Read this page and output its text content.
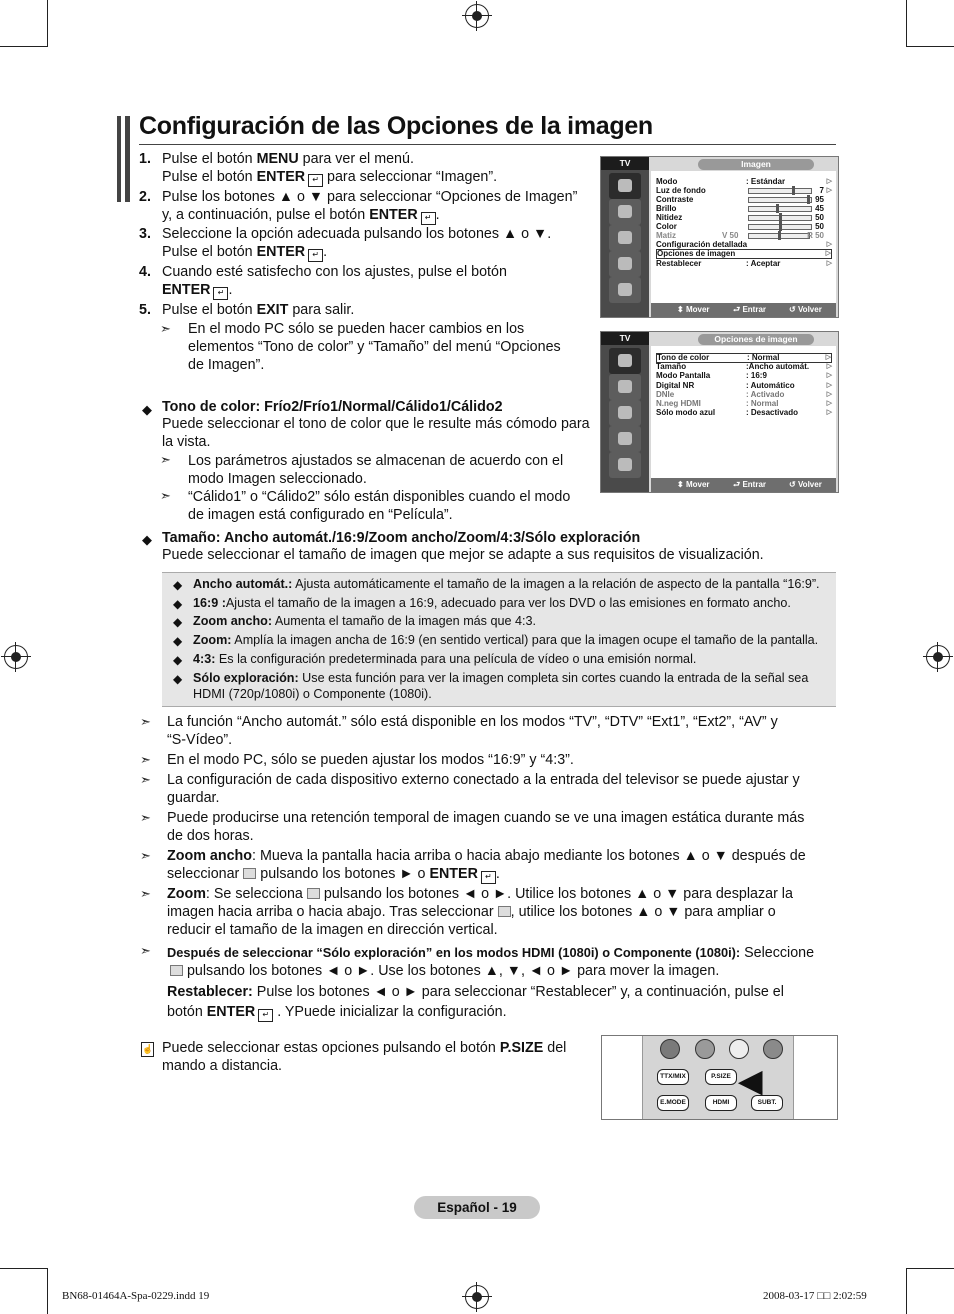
Configuración de las Opciones de la imagen
1. Pulse el botón MENU para ver el menú.
Pulse el botón ENTER ↵ para seleccionar “Imagen”.
2. Pulse los botones ▲ o ▼ para seleccionar “Opciones de Imagen”
y, a continuación, pulse el botón ENTER ↵ .
3. Seleccione la opción adecuada pulsando los botones ▲ o ▼.
Pulse el botón ENTER ↵ .
4. Cuando esté satisfecho con los ajustes, pulse el botón
ENTER ↵ .
5. Pulse el botón EXIT para salir.
➣ En el modo PC sólo se pueden hacer cambios en los
elementos “Tono de color” y “Tamaño” del menú “Opciones
de Imagen”.
◆ Tono de color: Frío2/Frío1/Normal/Cálido1/Cálido2
Puede seleccionar el tono de color que le resulte más cómodo para
la vista.
➣ Los parámetros ajustados se almacenan de acuerdo con el
modo Imagen seleccionado.
➣ “Cálido1” o “Cálido2” sólo están disponibles cuando el modo
de imagen está configurado en “Película”.
◆ Tamaño: Ancho automát./16:9/Zoom ancho/Zoom/4:3/Sólo exploración
Puede seleccionar el tamaño de imagen que mejor se adapte a sus requisitos de visualización.
TV	Imagen
Modo	: Estándar	▷
Luz de fondo	7 ▷
Contraste	95
Brillo	45
Nitidez	50
Color	50
Matiz	V 50	R 50
Configuración detallada	▷
Opciones de imagen	▷
Restablecer	: Aceptar	▷
⬍ Mover	⮐ Entrar	↺ Volver
TV	Opciones de imagen
Tono de color	: Normal	▷
Tamaño	:Ancho automát.	▷
Modo Pantalla	: 16:9	▷
Digital NR	: Automático	▷
DNIe	: Activado	▷
N.neg HDMI	: Normal	▷
Sólo modo azul	: Desactivado	▷
⬍ Mover	⮐ Entrar	↺ Volver
◆ Ancho automát.: Ajusta automáticamente el tamaño de la imagen a la relación de aspecto de la pantalla “16:9”.
◆ 16:9 :Ajusta el tamaño de la imagen a 16:9, adecuado para ver los DVD o las emisiones en formato ancho.
◆ Zoom ancho: Aumenta el tamaño de la imagen más que 4:3.
◆ Zoom: Amplía la imagen ancha de 16:9 (en sentido vertical) para que la imagen ocupe el tamaño de la pantalla.
◆ 4:3: Es la configuración predeterminada para una película de vídeo o una emisión normal.
◆ Sólo exploración: Use esta función para ver la imagen completa sin cortes cuando la entrada de la señal sea
HDMI (720p/1080i) o Componente (1080i).
➣ La función “Ancho automát.” sólo está disponible en los modos “TV”, “DTV” “Ext1”, “Ext2”, “AV” y
“S-Vídeo”.
➣ En el modo PC, sólo se pueden ajustar los modos “16:9” y “4:3”.
➣ La configuración de cada dispositivo externo conectado a la entrada del televisor se puede ajustar y
guardar.
➣ Puede producirse una retención temporal de imagen cuando se ve una imagen estática durante más
de dos horas.
➣ Zoom ancho: Mueva la pantalla hacia arriba o hacia abajo mediante los botones ▲ o ▼ después de
seleccionar  pulsando los botones ► o ENTER ↵ .
➣ Zoom: Se selecciona  pulsando los botones ◄ o ►. Utilice los botones ▲ o ▼ para desplazar la
imagen hacia arriba o hacia abajo. Tras seleccionar , utilice los botones ▲ o ▼ para ampliar o
reducir el tamaño de la imagen en dirección vertical.
➣ Después de seleccionar “Sólo exploración” en los modos HDMI (1080i) o Componente (1080i): Seleccione
pulsando los botones ◄ o ►. Use los botones ▲, ▼, ◄ o ► para mover la imagen.
Restablecer: Pulse los botones ◄ o ► para seleccionar “Restablecer” y, a continuación, pulse el
botón ENTER ↵ . YPuede inicializar la configuración.
☝ Puede seleccionar estas opciones pulsando el botón P.SIZE del
mando a distancia.
TTX/MIX	P.SIZE
E.MODE	HDMI	SUBT.
◀
Español - 19
BN68-01464A-Spa-0229.indd 19	2008-03-17 □□ 2:02:59
